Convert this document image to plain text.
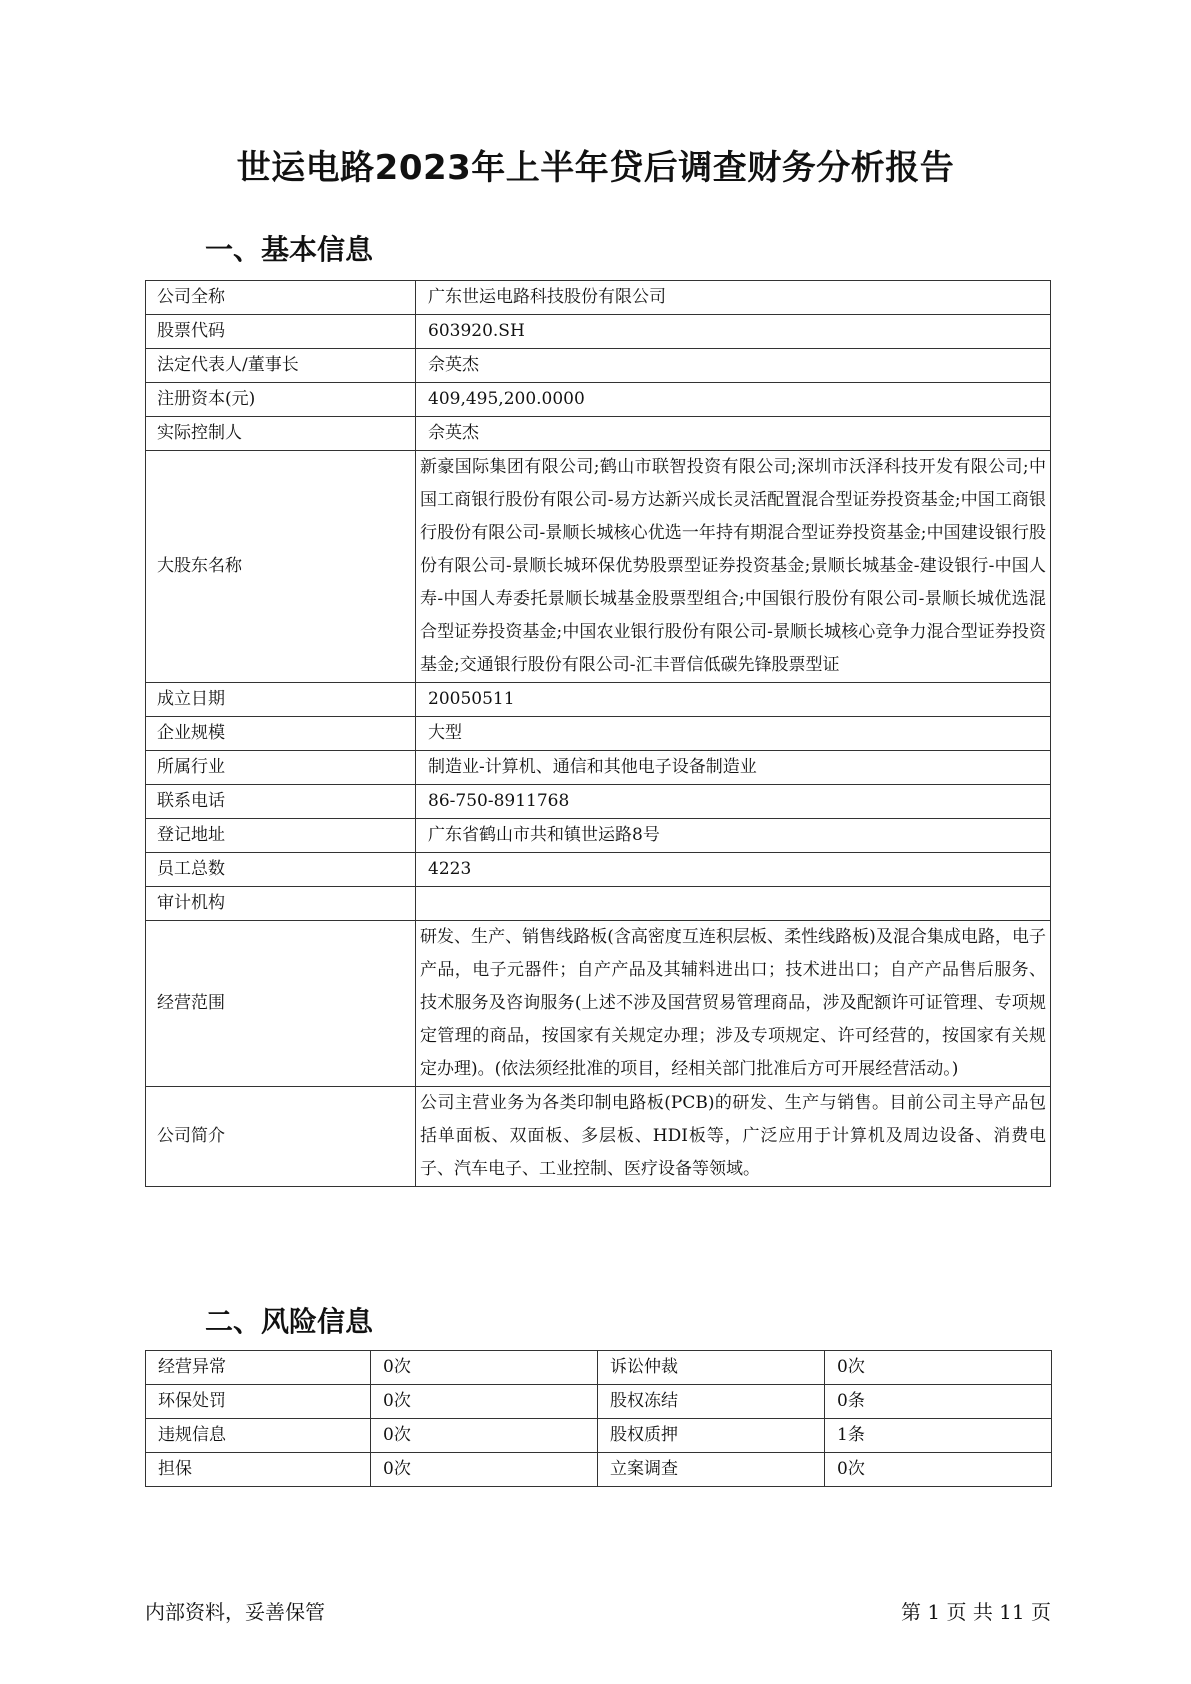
世运电路2023年上半年贷后调查财务分析报告
一、基本信息
公司全称	广东世运电路科技股份有限公司
股票代码	603920.SH
法定代表人/董事长	佘英杰
注册资本(元)	409,495,200.0000
实际控制人	佘英杰
大股东名称	新豪国际集团有限公司;鹤山市联智投资有限公司;深圳市沃泽科技开发有限公司;中国工商银行股份有限公司-易方达新兴成长灵活配置混合型证券投资基金;中国工商银行股份有限公司-景顺长城核心优选一年持有期混合型证券投资基金;中国建设银行股份有限公司-景顺长城环保优势股票型证券投资基金;景顺长城基金-建设银行-中国人寿-中国人寿委托景顺长城基金股票型组合;中国银行股份有限公司-景顺长城优选混合型证券投资基金;中国农业银行股份有限公司-景顺长城核心竞争力混合型证券投资基金;交通银行股份有限公司-汇丰晋信低碳先锋股票型证
成立日期	20050511
企业规模	大型
所属行业	制造业-计算机、通信和其他电子设备制造业
联系电话	86-750-8911768
登记地址	广东省鹤山市共和镇世运路8号
员工总数	4223
审计机构	
经营范围	研发、生产、销售线路板(含高密度互连积层板、柔性线路板)及混合集成电路，电子产品，电子元器件；自产产品及其辅料进出口；技术进出口；自产产品售后服务、技术服务及咨询服务(上述不涉及国营贸易管理商品，涉及配额许可证管理、专项规定管理的商品，按国家有关规定办理；涉及专项规定、许可经营的，按国家有关规定办理)。(依法须经批准的项目，经相关部门批准后方可开展经营活动。)
公司简介	公司主营业务为各类印制电路板(PCB)的研发、生产与销售。目前公司主导产品包括单面板、双面板、多层板、HDI板等，广泛应用于计算机及周边设备、消费电子、汽车电子、工业控制、医疗设备等领域。
二、风险信息
经营异常	0次	诉讼仲裁	0次
环保处罚	0次	股权冻结	0条
违规信息	0次	股权质押	1条
担保	0次	立案调查	0次
内部资料，妥善保管	第 1 页 共 11 页
